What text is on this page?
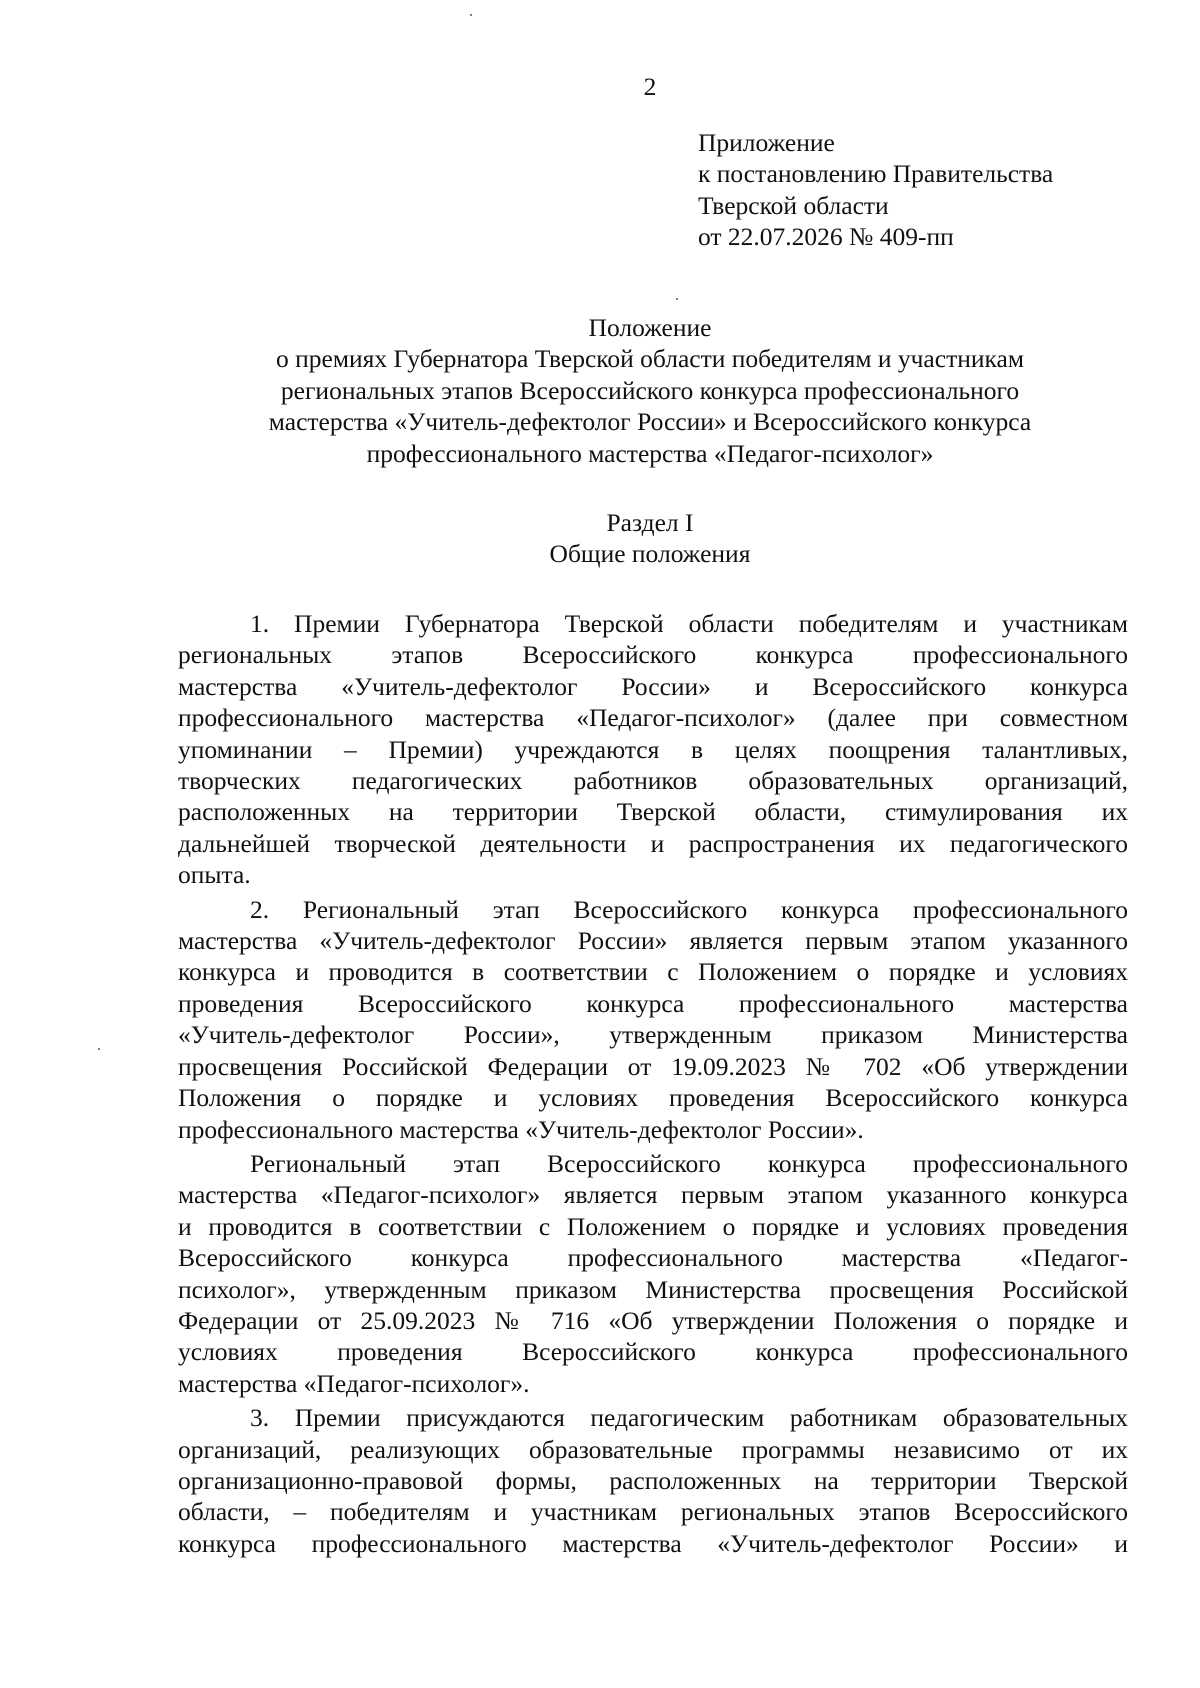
2
Приложение
к постановлению Правительства
Тверской области
от 22.07.2026 № 409-пп
Положение
о премиях Губернатора Тверской области победителям и участникам
региональных этапов Всероссийского конкурса профессионального
мастерства «Учитель-дефектолог России» и Всероссийского конкурса
профессионального мастерства «Педагог-психолог»
Раздел I
Общие положения
1. Премии Губернатора Тверской области победителям и участникам
региональных этапов Всероссийского конкурса профессионального
мастерства «Учитель-дефектолог России» и Всероссийского конкурса
профессионального мастерства «Педагог-психолог» (далее при совместном
упоминании – Премии) учреждаются в целях поощрения талантливых,
творческих педагогических работников образовательных организаций,
расположенных на территории Тверской области, стимулирования их
дальнейшей творческой деятельности и распространения их педагогического
опыта.
2. Региональный этап Всероссийского конкурса профессионального
мастерства «Учитель-дефектолог России» является первым этапом указанного
конкурса и проводится в соответствии с Положением о порядке и условиях
проведения Всероссийского конкурса профессионального мастерства
«Учитель-дефектолог России», утвержденным приказом Министерства
просвещения Российской Федерации от 19.09.2023 № 702 «Об утверждении
Положения о порядке и условиях проведения Всероссийского конкурса
профессионального мастерства «Учитель-дефектолог России».
Региональный этап Всероссийского конкурса профессионального
мастерства «Педагог-психолог» является первым этапом указанного конкурса
и проводится в соответствии с Положением о порядке и условиях проведения
Всероссийского конкурса профессионального мастерства «Педагог-
психолог», утвержденным приказом Министерства просвещения Российской
Федерации от 25.09.2023 № 716 «Об утверждении Положения о порядке и
условиях проведения Всероссийского конкурса профессионального
мастерства «Педагог-психолог».
3. Премии присуждаются педагогическим работникам образовательных
организаций, реализующих образовательные программы независимо от их
организационно-правовой формы, расположенных на территории Тверской
области, – победителям и участникам региональных этапов Всероссийского
конкурса профессионального мастерства «Учитель-дефектолог России» и
